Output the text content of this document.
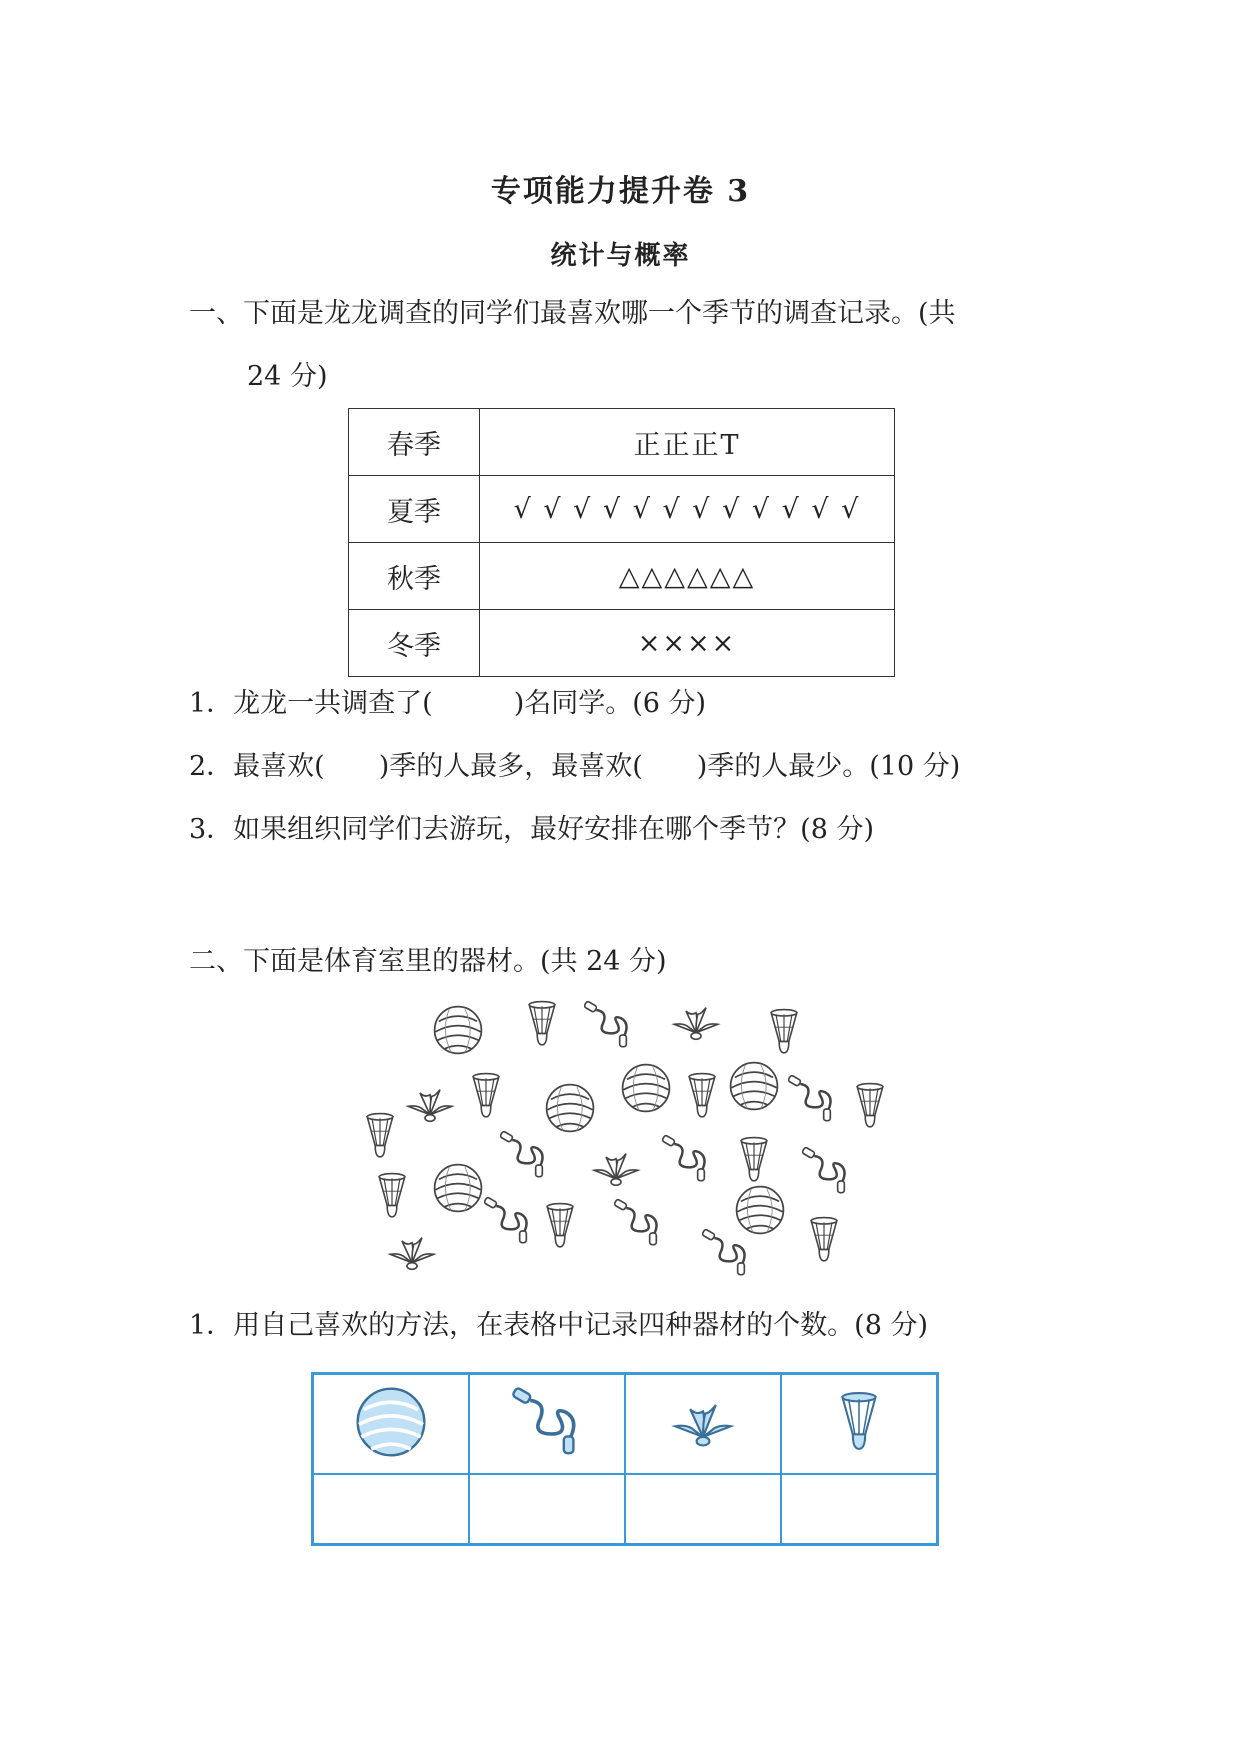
专项能力提升卷 3
统计与概率
一、下面是龙龙调查的同学们最喜欢哪一个季节的调查记录。(共
24 分)
春季	正正正T
夏季	√ √ √ √ √ √ √ √ √ √ √ √
秋季	△△△△△△
冬季	××××
1．龙龙一共调查了(　　　)名同学。(6 分)
2．最喜欢(　　)季的人最多，最喜欢(　　)季的人最少。(10 分)
3．如果组织同学们去游玩，最好安排在哪个季节？(8 分)
二、下面是体育室里的器材。(共 24 分)
1．用自己喜欢的方法，在表格中记录四种器材的个数。(8 分)
